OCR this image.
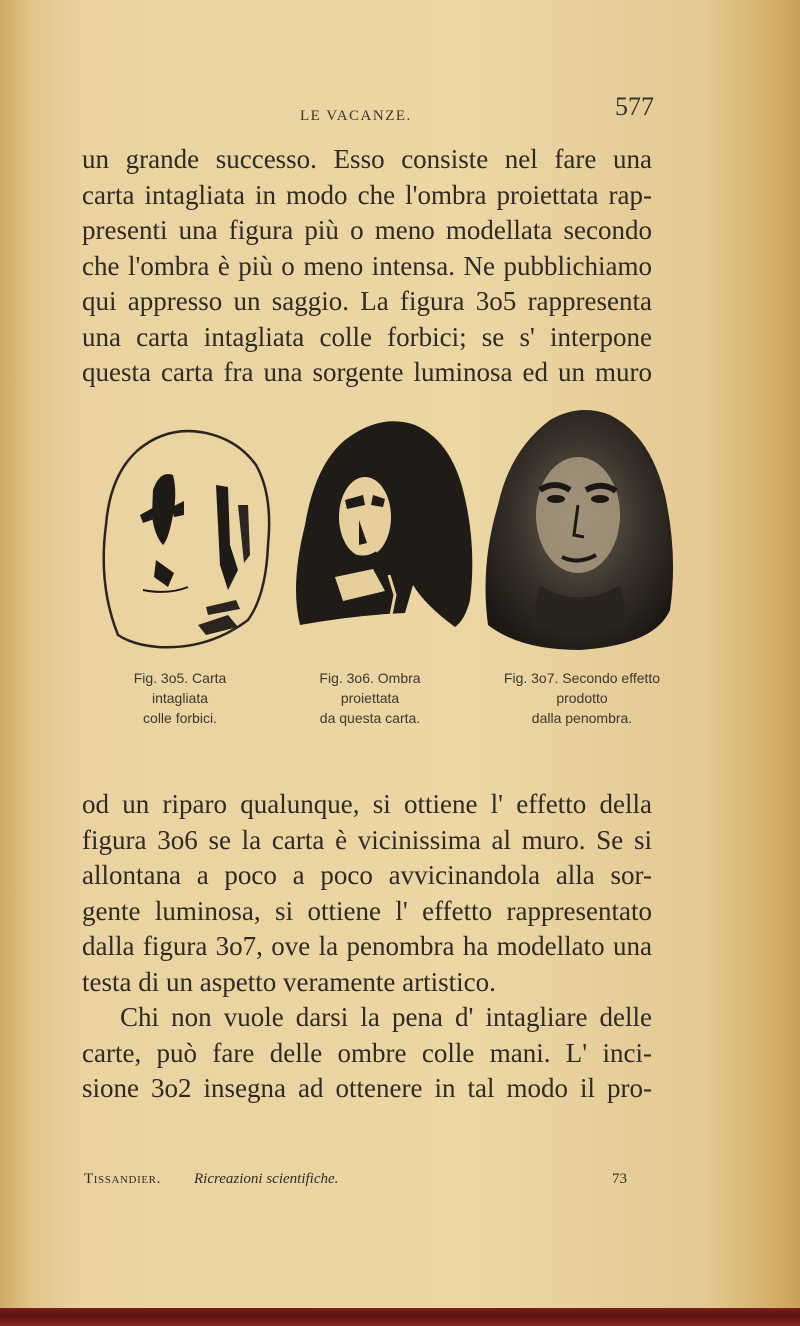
LE VACANZE.	577
un grande successo. Esso consiste nel fare una
carta intagliata in modo che l'ombra proiettata rap-
presenti una figura più o meno modellata secondo
che l'ombra è più o meno intensa. Ne pubblichiamo
qui appresso un saggio. La figura 3o5 rappresenta
una carta intagliata colle forbici; se s' interpone
questa carta fra una sorgente luminosa ed un muro
Fig. 3o5. Carta
intagliata
colle forbici.
Fig. 3o6. Ombra
proiettata
da questa carta.
Fig. 3o7. Secondo effetto
prodotto
dalla penombra.
od un riparo qualunque, si ottiene l' effetto della
figura 3o6 se la carta è vicinissima al muro. Se si
allontana a poco a poco avvicinandola alla sor-
gente luminosa, si ottiene l' effetto rappresentato
dalla figura 3o7, ove la penombra ha modellato una
testa di un aspetto veramente artistico.
Chi non vuole darsi la pena d' intagliare delle
carte, può fare delle ombre colle mani. L' inci-
sione 3o2 insegna ad ottenere in tal modo il pro-
Tissandier. Ricreazioni scientifiche.	73
